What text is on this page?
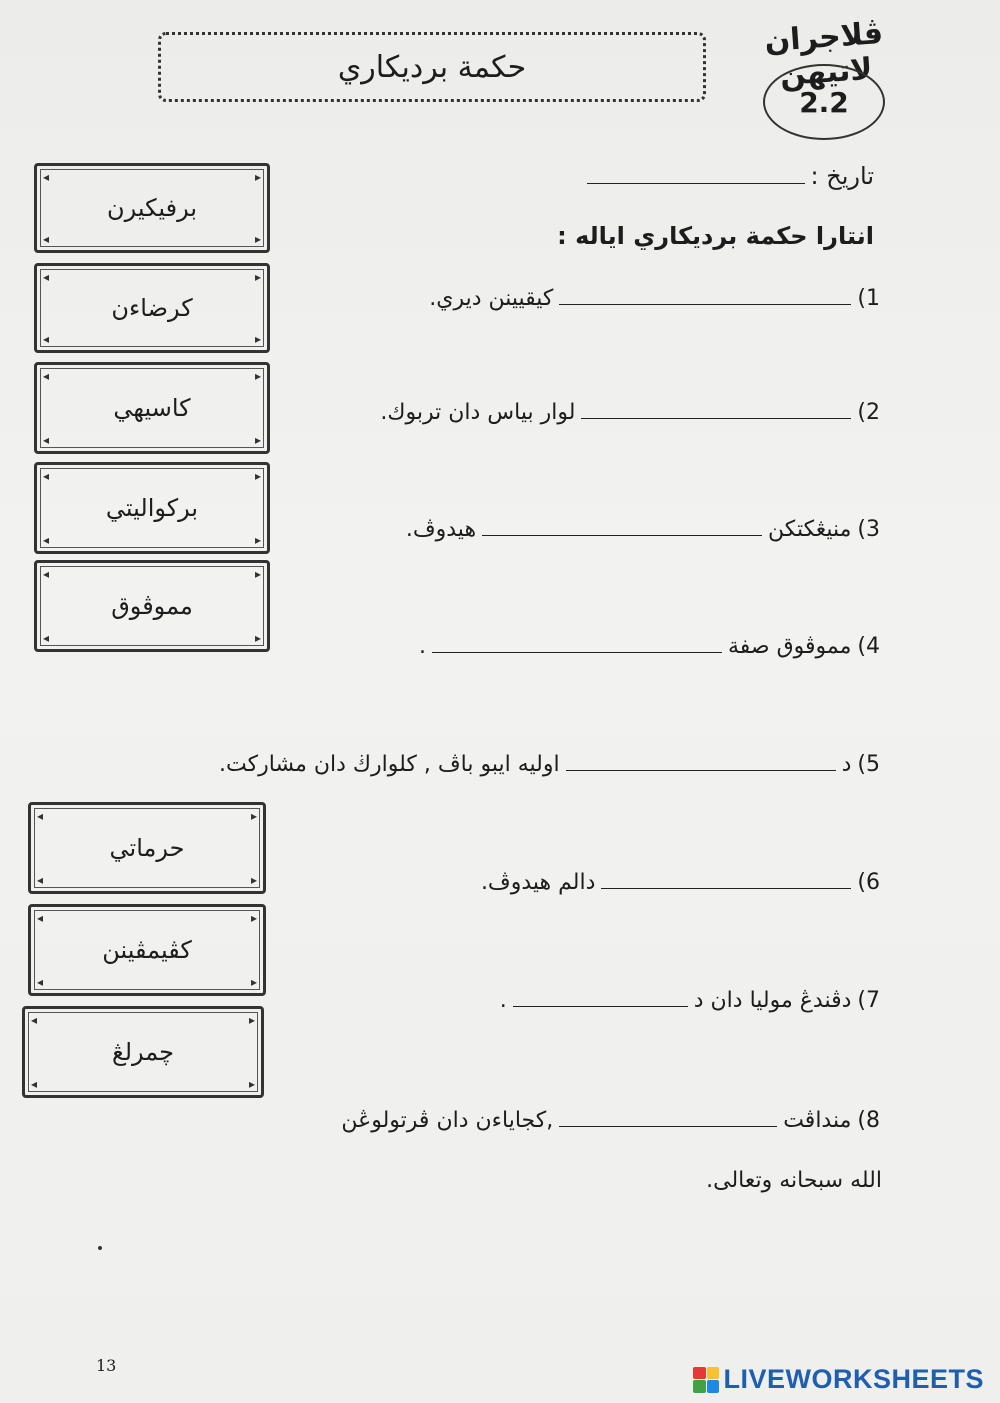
حكمة برديكاري
ڤلاجران لاتيهن
2.2
تاريخ :
انتارا حكمة برديكاري اياله :
1)
كيقيينن ديري.
2)
لوار بياس دان تربوك.
3)
منيڠكتكن
هيدوڤ.
4)
مموڤوق صفة
.
5)
د
اوليه ايبو باڤ , كلوارڬ دان مشاركت.
6)
دالم هيدوڤ.
7)
دڤندڠ موليا دان د
.
8)
منداڤت
,كجاياءن دان ڤرتولوڠن
الله سبحانه وتعالى.
◂	▸
◂	▸
برفيكيرن
◂	▸
◂	▸
كرضاءن
◂	▸
◂	▸
كاسيهي
◂	▸
◂	▸
بركواليتي
◂	▸
◂	▸
مموڤوق
◂	▸
◂	▸
حرماتي
◂	▸
◂	▸
كڤيمڤينن
◂	▸
◂	▸
چمرلڠ
13	LIVEWORKSHEETS
